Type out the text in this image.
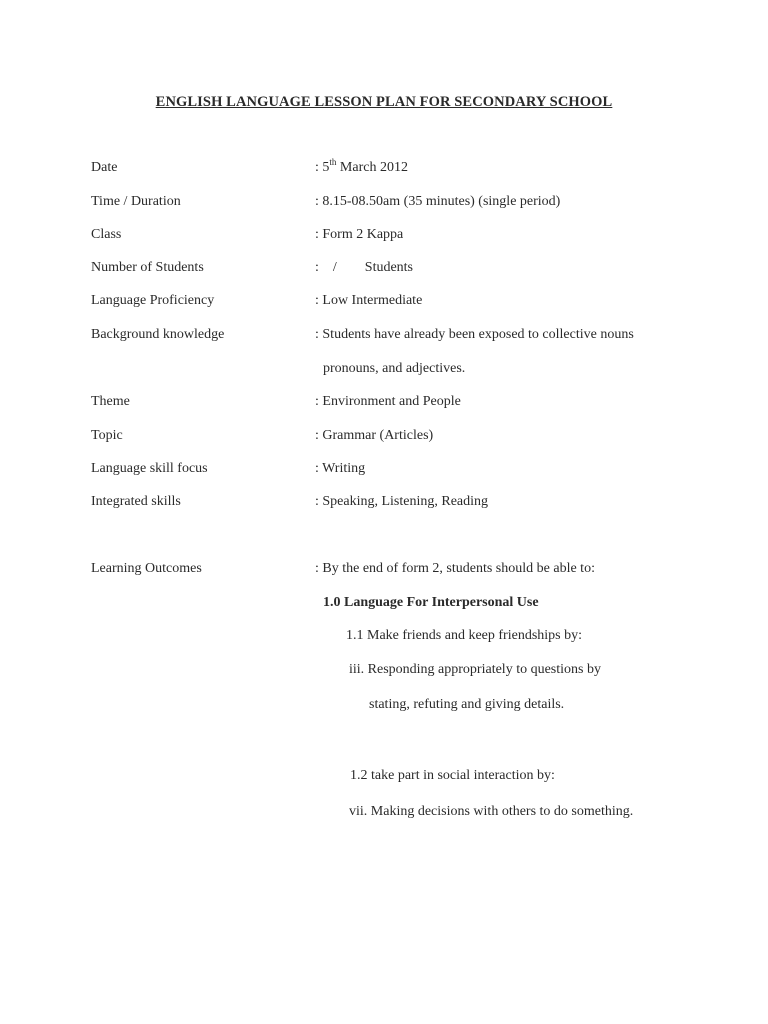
ENGLISH LANGUAGE LESSON PLAN FOR SECONDARY SCHOOL
Date	: 5th March 2012
Time / Duration	: 8.15-08.50am (35 minutes) (single period)
Class	: Form 2 Kappa
Number of Students	:    /        Students
Language Proficiency	: Low Intermediate
Background knowledge	: Students have already been exposed to collective nouns
pronouns, and adjectives.
Theme	: Environment and People
Topic	: Grammar (Articles)
Language skill focus	: Writing
Integrated skills	: Speaking, Listening, Reading
Learning Outcomes	: By the end of form 2, students should be able to:
1.0 Language For Interpersonal Use
1.1 Make friends and keep friendships by:
iii. Responding appropriately to questions by
stating, refuting and giving details.
1.2 take part in social interaction by:
vii. Making decisions with others to do something.
